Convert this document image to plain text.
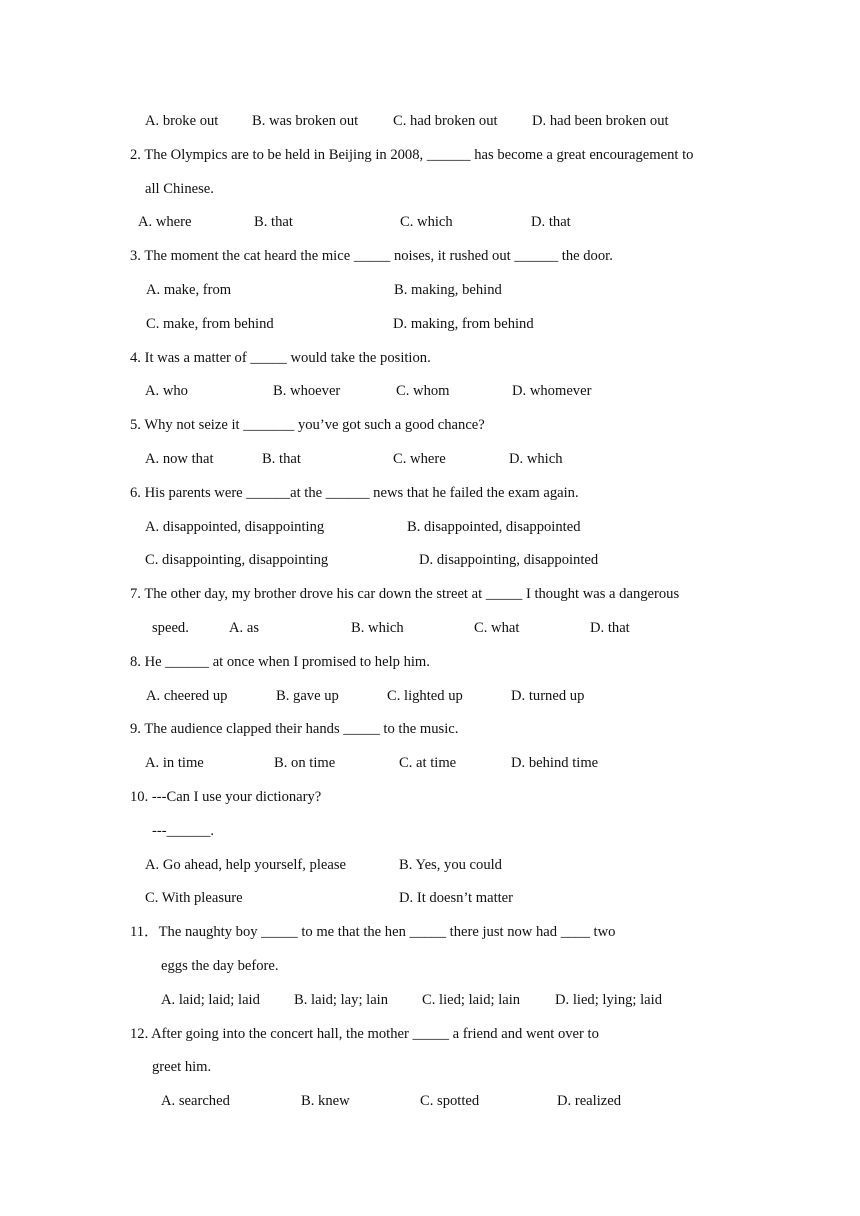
A. broke out B. was broken out C. had broken out D. had been broken out
2. The Olympics are to be held in Beijing in 2008, ______ has become a great encouragement to
all Chinese.
A. where	B. that	C. which	D. that
3. The moment the cat heard the mice _____ noises, it rushed out ______ the door.
A. make, from	B. making, behind
C. make, from behind	D. making, from behind
4. It was a matter of _____ would take the position.
A. who	B. whoever	C. whom	D. whomever
5. Why not seize it _______ you’ve got such a good chance?
A. now that	B. that	C. where	D. which
6. His parents were ______at the ______ news that he failed the exam again.
A. disappointed, disappointing	B. disappointed, disappointed
C. disappointing, disappointing	D. disappointing, disappointed
7. The other day, my brother drove his car down the street at _____ I thought was a dangerous
speed.	A. as	B. which	C. what	D. that
8. He ______ at once when I promised to help him.
A. cheered up	B. gave up	C. lighted up	D. turned up
9. The audience clapped their hands _____ to the music.
A. in time	B. on time	C. at time	D. behind time
10. ---Can I use your dictionary?
---______.
A. Go ahead, help yourself, please	B. Yes, you could
C. With pleasure	D. It doesn’t matter
11．The naughty boy _____ to me that the hen _____ there just now had ____ two
eggs the day before.
A. laid; laid; laid B. laid; lay; lain C. lied; laid; lain D. lied; lying; laid
12. After going into the concert hall, the mother _____ a friend and went over to
greet him.
A. searched	B. knew	C. spotted	D. realized
